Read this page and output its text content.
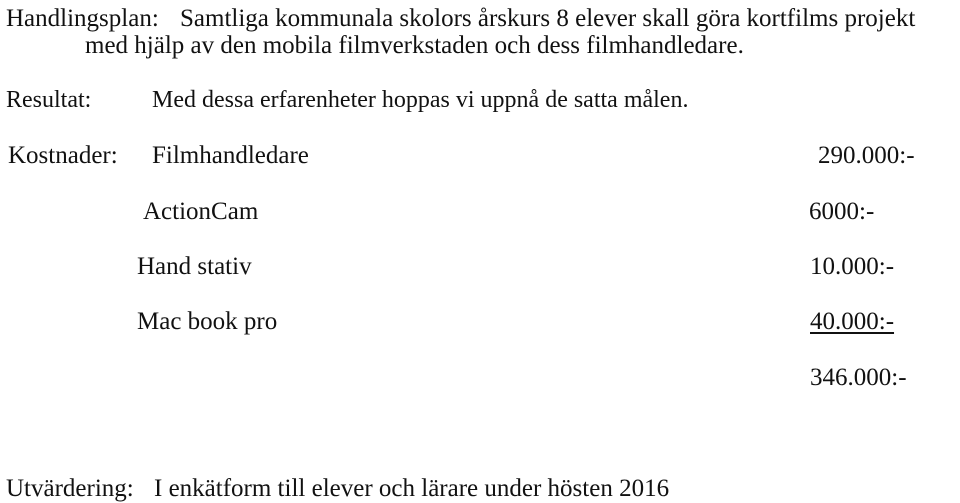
Handlingsplan: Samtliga kommunala skolors årskurs 8 elever skall göra kortfilms projekt
med hjälp av den mobila filmverkstaden och dess filmhandledare.
Resultat:	Med dessa erfarenheter hoppas vi uppnå de satta målen.
Kostnader: Filmhandledare	290.000:-
ActionCam	6000:-
Hand stativ	10.000:-
Mac book pro	40.000:-
346.000:-
Utvärdering: I enkätform till elever och lärare under hösten 2016
